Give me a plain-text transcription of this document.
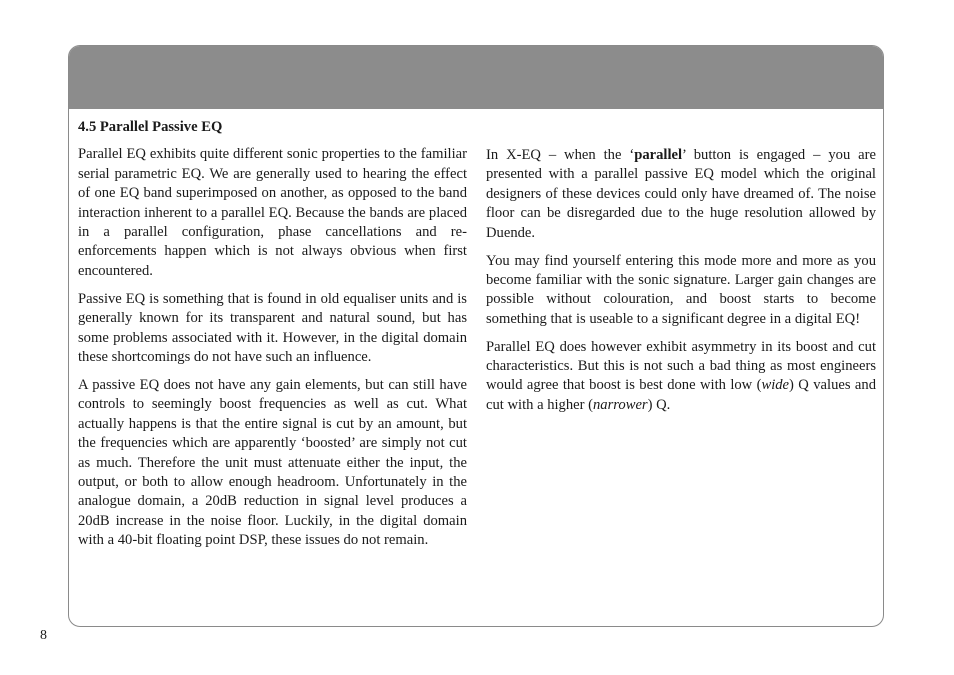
4.5 Parallel Passive EQ

Parallel EQ exhibits quite different sonic properties to the familiar serial parametric EQ. We are generally used to hearing the effect of one EQ band superimposed on another, as opposed to the band interaction inherent to a parallel EQ. Because the bands are placed in a parallel configuration, phase cancellations and re-enforcements happen which is not always obvious when first encountered.

Passive EQ is something that is found in old equaliser units and is generally known for its transparent and natural sound, but has some problems associated with it. However, in the digital domain these shortcomings do not have such an influence.

A passive EQ does not have any gain elements, but can still have controls to seemingly boost frequencies as well as cut. What actually happens is that the entire signal is cut by an amount, but the frequencies which are apparently ‘boosted’ are simply not cut as much. Therefore the unit must attenuate either the input, the output, or both to allow enough headroom. Unfortunately in the analogue domain, a 20dB reduction in signal level produces a 20dB increase in the noise floor. Luckily, in the digital domain with a 40-bit floating point DSP, these issues do not remain.

In X-EQ – when the ‘parallel’ button is engaged – you are presented with a parallel passive EQ model which the original designers of these devices could only have dreamed of. The noise floor can be disregarded due to the huge resolution allowed by Duende.

You may find yourself entering this mode more and more as you become familiar with the sonic signature. Larger gain changes are possible without colouration, and boost starts to become something that is useable to a significant degree in a digital EQ!

Parallel EQ does however exhibit asymmetry in its boost and cut characteristics. But this is not such a bad thing as most engineers would agree that boost is best done with low (wide) Q values and cut with a higher (narrower) Q.

8
